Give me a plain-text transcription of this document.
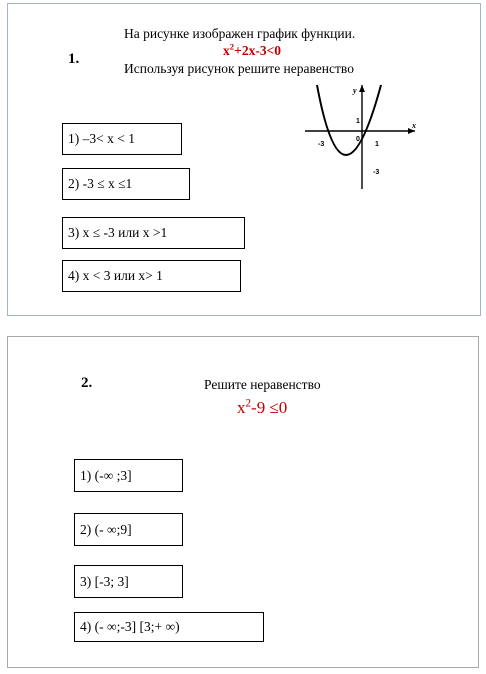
1.
На рисунке изображен график функции.
$x^2+2x-3<0$
Используя рисунок решите неравенство
1) –3< x < 1
2) -3 ≤ x ≤1
3) x ≤ -3 или x >1
4) x < 3 или x> 1
y
x
1
0
-3	1
-3
2.	Решите неравенство
$x^2-9 \le 0$
1) (-∞ ;3]
2) (- ∞;9]
3) [-3; 3]
4) (- ∞;-3] [3;+ ∞)
